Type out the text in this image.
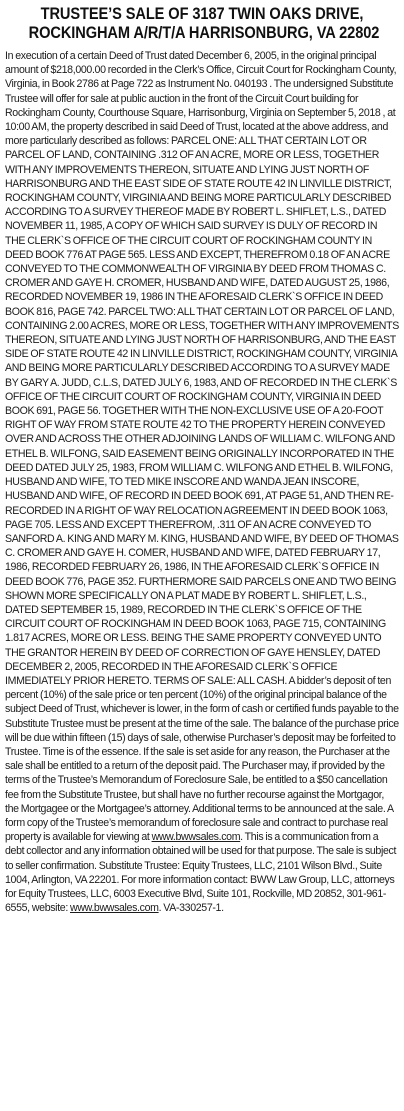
TRUSTEE’S SALE OF 3187 TWIN OAKS DRIVE,
ROCKINGHAM A/R/T/A HARRISONBURG, VA 22802

In execution of a certain Deed of Trust dated December 6, 2005, in the original principal amount of $218,000.00 recorded in the Clerk’s Office, Circuit Court for Rockingham County, Virginia, in Book 2786 at Page 722 as Instrument No. 040193 . The undersigned Substitute Trustee will offer for sale at public auction in the front of the Circuit Court building for Rockingham County, Courthouse Square, Harrisonburg, Virginia on September 5, 2018 , at 10:00 AM, the property described in said Deed of Trust, located at the above address, and more particularly described as follows: PARCEL ONE: ALL THAT CERTAIN LOT OR PARCEL OF LAND, CONTAINING .312 OF AN ACRE, MORE OR LESS, TOGETHER WITH ANY IMPROVEMENTS THEREON, SITUATE AND LYING JUST NORTH OF HARRISONBURG AND THE EAST SIDE OF STATE ROUTE 42 IN LINVILLE DISTRICT, ROCKINGHAM COUNTY, VIRGINIA AND BEING MORE PARTICULARLY DESCRIBED ACCORDING TO A SURVEY THEREOF MADE BY ROBERT L. SHIFLET, L.S., DATED NOVEMBER 11, 1985, A COPY OF WHICH SAID SURVEY IS DULY OF RECORD IN THE CLERK`S OFFICE OF THE CIRCUIT COURT OF ROCKINGHAM COUNTY IN DEED BOOK 776 AT PAGE 565. LESS AND EXCEPT, THEREFROM 0.18 OF AN ACRE CONVEYED TO THE COMMONWEALTH OF VIRGINIA BY DEED FROM THOMAS C. CROMER AND GAYE H. CROMER, HUSBAND AND WIFE, DATED AUGUST 25, 1986, RECORDED NOVEMBER 19, 1986 IN THE AFORESAID CLERK`S OFFICE IN DEED BOOK 816, PAGE 742. PARCEL TWO: ALL THAT CERTAIN LOT OR PARCEL OF LAND, CONTAINING 2.00 ACRES, MORE OR LESS, TOGETHER WITH ANY IMPROVEMENTS THEREON, SITUATE AND LYING JUST NORTH OF HARRISONBURG, AND THE EAST SIDE OF STATE ROUTE 42 IN LINVILLE DISTRICT, ROCKINGHAM COUNTY, VIRGINIA AND BEING MORE PARTICULARLY DESCRIBED ACCORDING TO A SURVEY MADE BY GARY A. JUDD, C.L.S, DATED JULY 6, 1983, AND OF RECORDED IN THE CLERK`S OFFICE OF THE CIRCUIT COURT OF ROCKINGHAM COUNTY, VIRGINIA IN DEED BOOK 691, PAGE 56. TOGETHER WITH THE NON-EXCLUSIVE USE OF A 20-FOOT RIGHT OF WAY FROM STATE ROUTE 42 TO THE PROPERTY HEREIN CONVEYED OVER AND ACROSS THE OTHER ADJOINING LANDS OF WILLIAM C. WILFONG AND ETHEL B. WILFONG, SAID EASEMENT BEING ORIGINALLY INCORPORATED IN THE DEED DATED JULY 25, 1983, FROM WILLIAM C. WILFONG AND ETHEL B. WILFONG, HUSBAND AND WIFE, TO TED MIKE INSCORE AND WANDA JEAN INSCORE, HUSBAND AND WIFE, OF RECORD IN DEED BOOK 691, AT PAGE 51, AND THEN RE-RECORDED IN A RIGHT OF WAY RELOCATION AGREEMENT IN DEED BOOK 1063, PAGE 705. LESS AND EXCEPT THEREFROM, .311 OF AN ACRE CONVEYED TO SANFORD A. KING AND MARY M. KING, HUSBAND AND WIFE, BY DEED OF THOMAS C. CROMER AND GAYE H. COMER, HUSBAND AND WIFE, DATED FEBRUARY 17, 1986, RECORDED FEBRUARY 26, 1986, IN THE AFORESAID CLERK`S OFFICE IN DEED BOOK 776, PAGE 352. FURTHERMORE SAID PARCELS ONE AND TWO BEING SHOWN MORE SPECIFICALLY ON A PLAT MADE BY ROBERT L. SHIFLET, L.S., DATED SEPTEMBER 15, 1989, RECORDED IN THE CLERK`S OFFICE OF THE CIRCUIT COURT OF ROCKINGHAM IN DEED BOOK 1063, PAGE 715, CONTAINING 1.817 ACRES, MORE OR LESS. BEING THE SAME PROPERTY CONVEYED UNTO THE GRANTOR HEREIN BY DEED OF CORRECTION OF GAYE HENSLEY, DATED DECEMBER 2, 2005, RECORDED IN THE AFORESAID CLERK`S OFFICE IMMEDIATELY PRIOR HERETO. TERMS OF SALE: ALL CASH. A bidder’s deposit of ten percent (10%) of the sale price or ten percent (10%) of the original principal balance of the subject Deed of Trust, whichever is lower, in the form of cash or certified funds payable to the Substitute Trustee must be present at the time of the sale. The balance of the purchase price will be due within fifteen (15) days of sale, otherwise Purchaser’s deposit may be forfeited to Trustee. Time is of the essence. If the sale is set aside for any reason, the Purchaser at the sale shall be entitled to a return of the deposit paid. The Purchaser may, if provided by the terms of the Trustee’s Memorandum of Foreclosure Sale, be entitled to a $50 cancellation fee from the Substitute Trustee, but shall have no further recourse against the Mortgagor, the Mortgagee or the Mortgagee’s attorney. Additional terms to be announced at the sale. A form copy of the Trustee’s memorandum of foreclosure sale and contract to purchase real property is available for viewing at www.bwwsales.com. This is a communication from a debt collector and any information obtained will be used for that purpose. The sale is subject to seller confirmation. Substitute Trustee: Equity Trustees, LLC, 2101 Wilson Blvd., Suite 1004, Arlington, VA 22201. For more information contact: BWW Law Group, LLC, attorneys for Equity Trustees, LLC, 6003 Executive Blvd, Suite 101, Rockville, MD 20852, 301-961-6555, website: www.bwwsales.com. VA-330257-1.
